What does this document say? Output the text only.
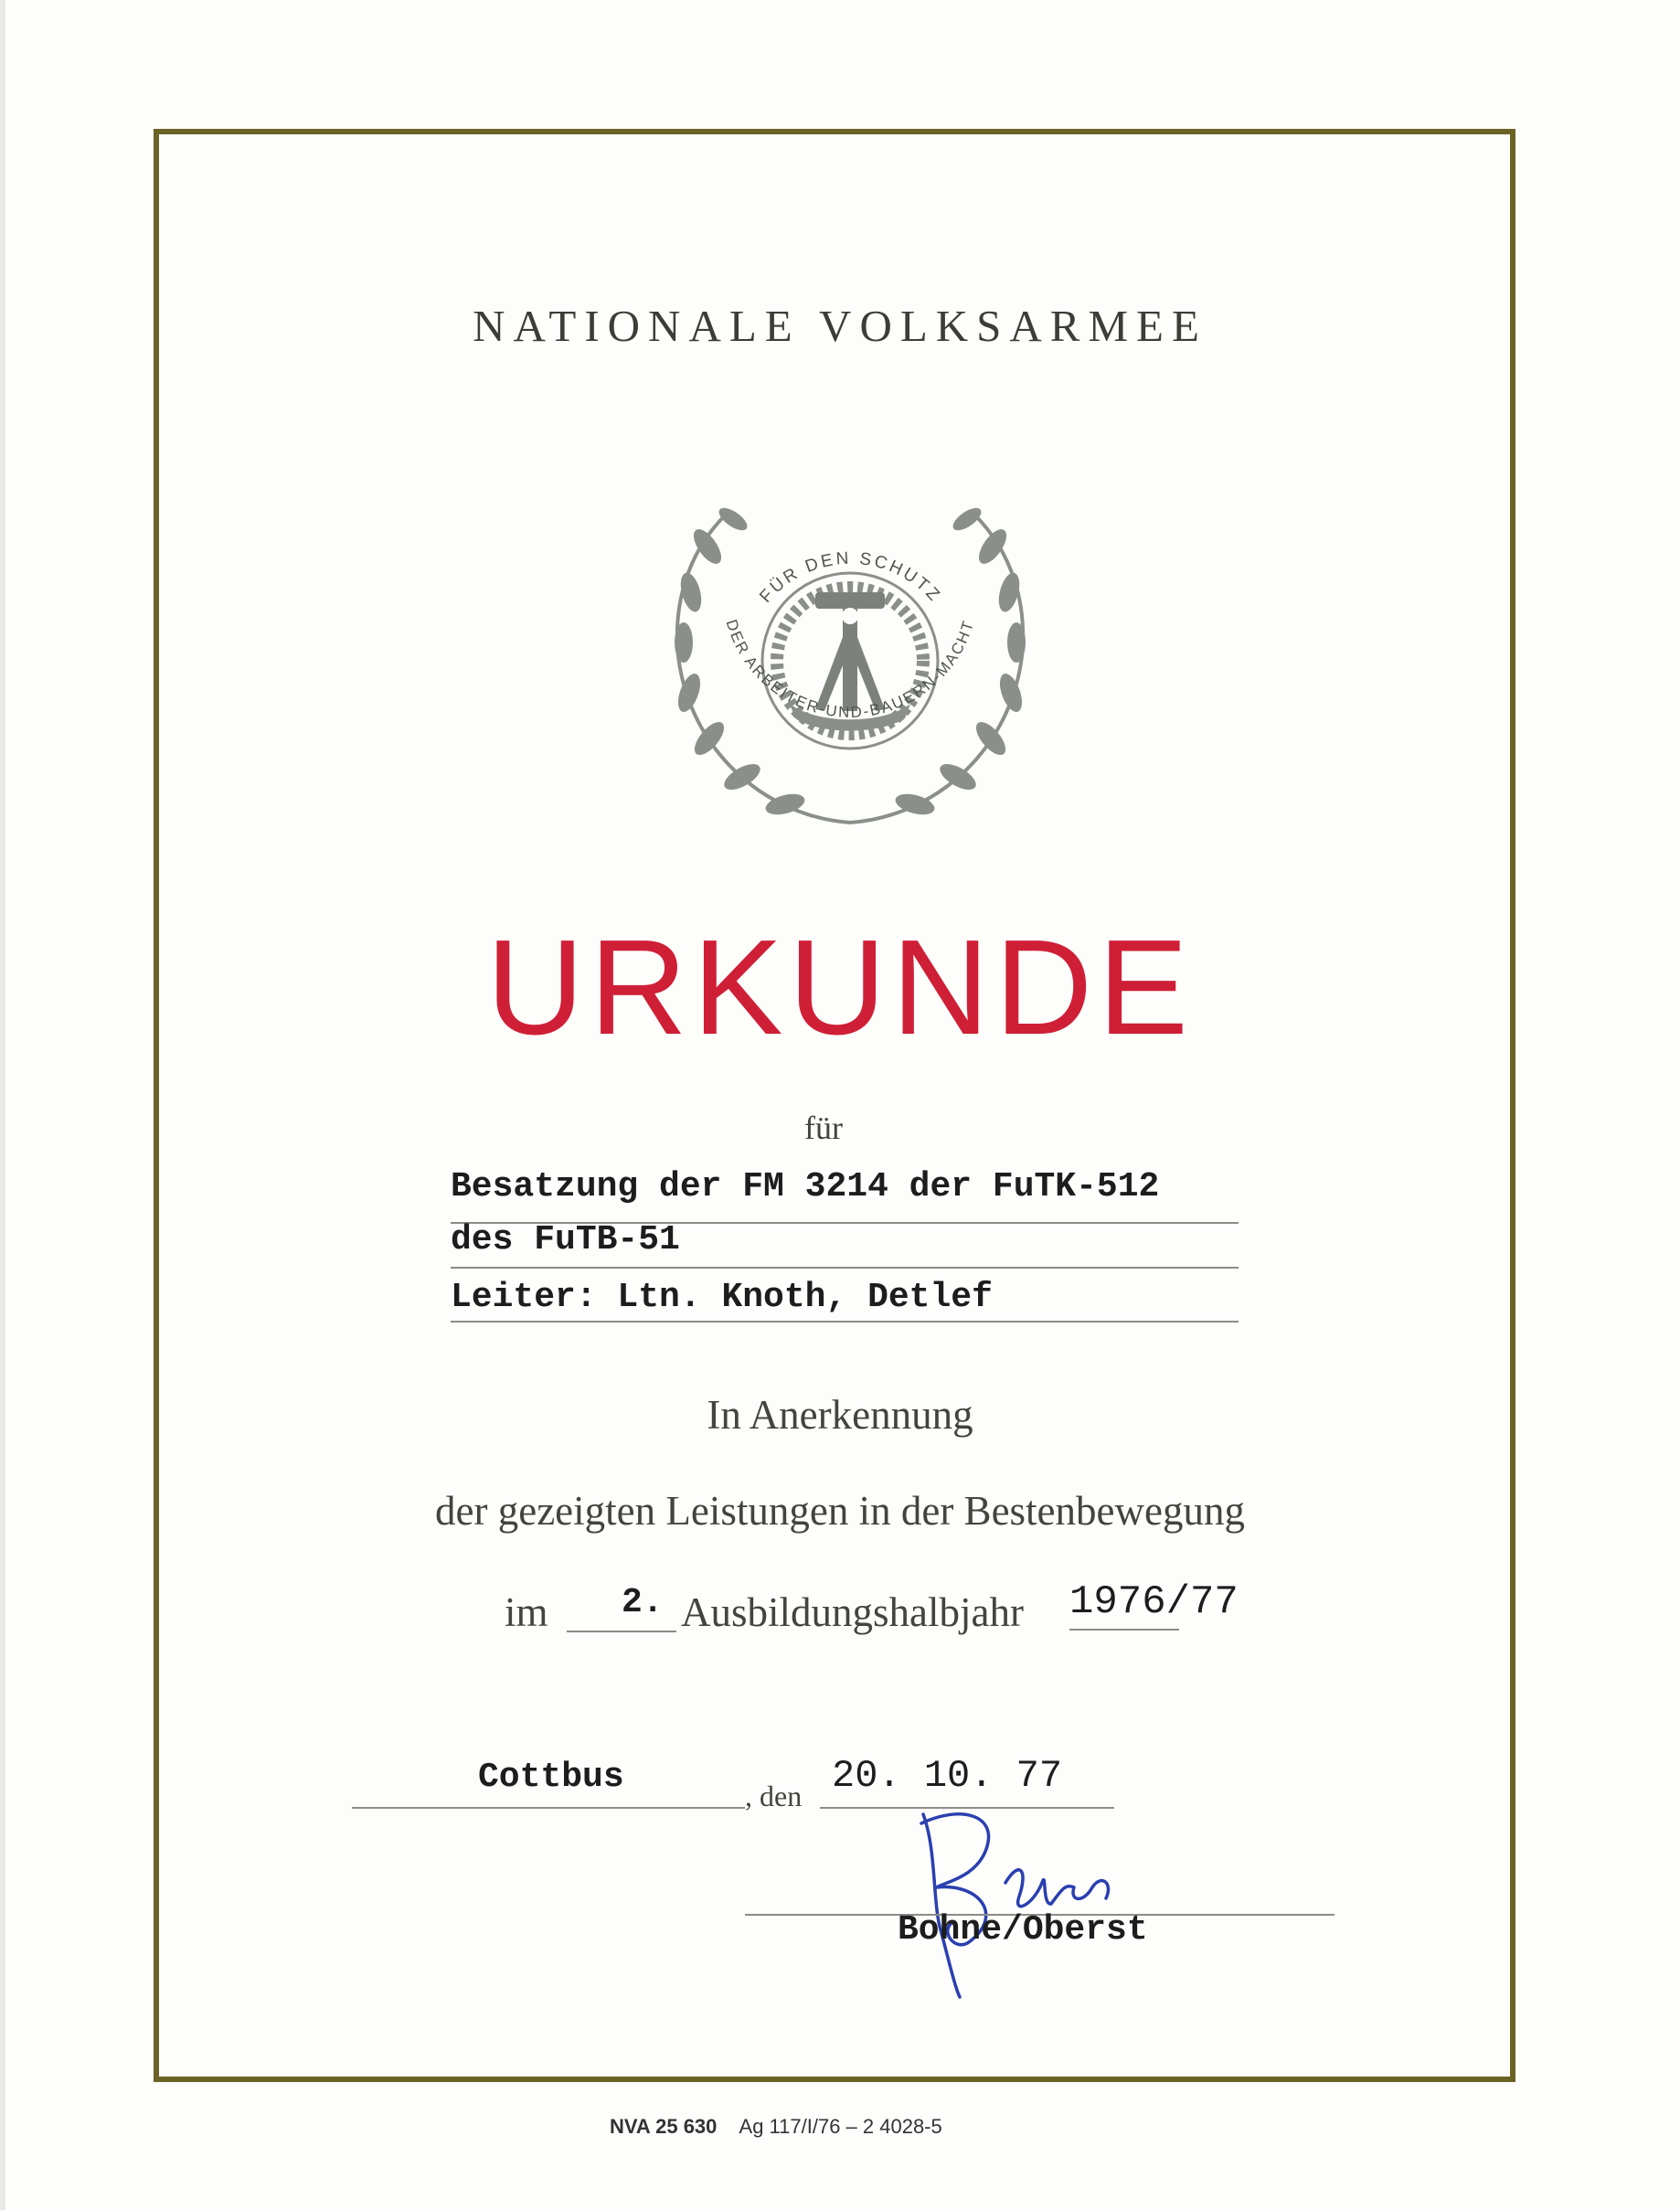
NATIONALE VOLKSARMEE
FÜR DEN SCHUTZ
DER ARBEITER-UND-BAUERN-MACHT
URKUNDE
für
Besatzung der FM 3214 der FuTK-512
des FuTB-51
Leiter: Ltn. Knoth, Detlef
In Anerkennung
der gezeigten Leistungen in der Bestenbewegung
im 2. Ausbildungshalbjahr 1976/77
Cottbus	, den 20. 10. 77
Bohne/Oberst
NVA 25 630 Ag 117/I/76 – 2 4028-5
